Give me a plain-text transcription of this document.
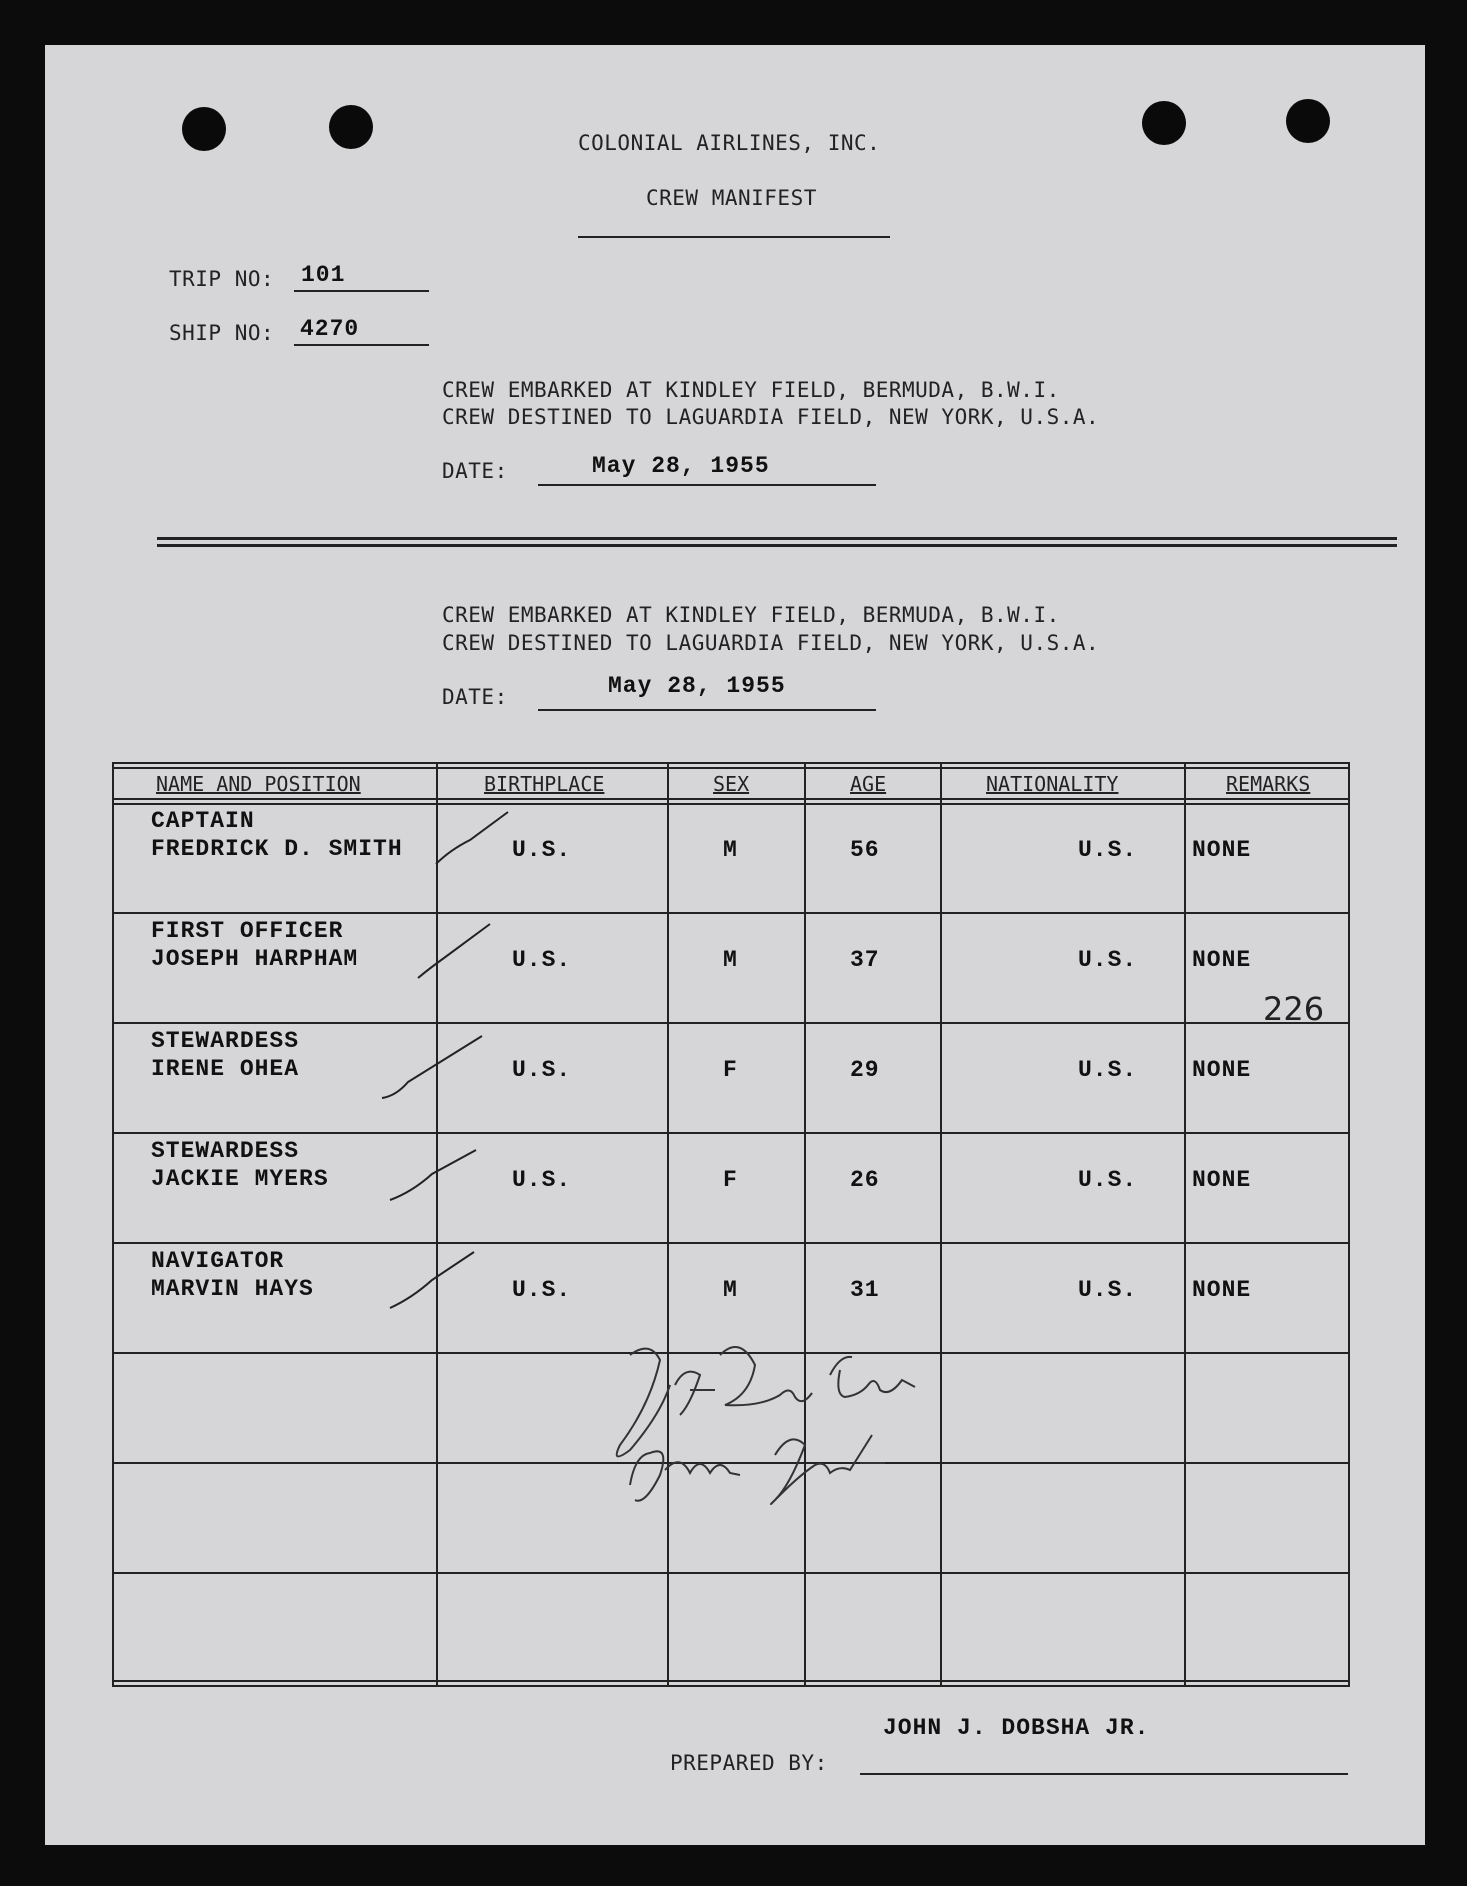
COLONIAL AIRLINES, INC.
CREW MANIFEST
TRIP NO: 101
SHIP NO: 4270
CREW EMBARKED AT KINDLEY FIELD, BERMUDA, B.W.I.
CREW DESTINED TO LAGUARDIA FIELD, NEW YORK, U.S.A.
DATE:	May 28, 1955
CREW EMBARKED AT KINDLEY FIELD, BERMUDA, B.W.I.
CREW DESTINED TO LAGUARDIA FIELD, NEW YORK, U.S.A.
DATE:	May 28, 1955
NAME AND POSITION	BIRTHPLACE	SEX	AGE	NATIONALITY	REMARKS
CAPTAIN
FREDRICK D. SMITH	U.S.	M	56	U.S. NONE
FIRST OFFICER
JOSEPH HARPHAM	U.S.	M	37	U.S. NONE
STEWARDESS
IRENE OHEA	U.S.	F	29	U.S. NONE
STEWARDESS
JACKIE MYERS	U.S.	F	26	U.S. NONE
NAVIGATOR
MARVIN HAYS	U.S.	M	31	U.S. NONE
226
JOHN J. DOBSHA JR.
PREPARED BY:
